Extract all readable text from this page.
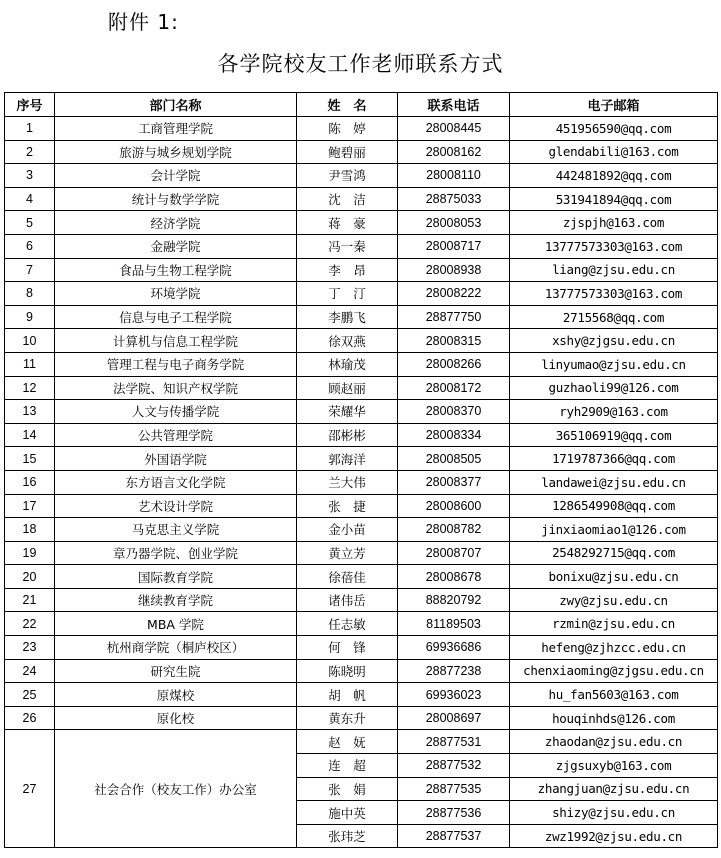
附件 1:
各学院校友工作老师联系方式
序号	部门名称	姓　名	联系电话	电子邮箱
1	工商管理学院	陈　婷	28008445	451956590@qq.com
2	旅游与城乡规划学院	鲍碧丽	28008162	glendabili@163.com
3	会计学院	尹雪鸿	28008110	442481892@qq.com
4	统计与数学学院	沈　洁	28875033	531941894@qq.com
5	经济学院	蒋　豪	28008053	zjspjh@163.com
6	金融学院	冯一秦	28008717	13777573303@163.com
7	食品与生物工程学院	李　昂	28008938	liang@zjsu.edu.cn
8	环境学院	丁　汀	28008222	13777573303@163.com
9	信息与电子工程学院	李鹏飞	28877750	2715568@qq.com
10	计算机与信息工程学院	徐双燕	28008315	xshy@zjgsu.edu.cn
11	管理工程与电子商务学院	林瑜茂	28008266	linyumao@zjsu.edu.cn
12	法学院、知识产权学院	顾赵丽	28008172	guzhaoli99@126.com
13	人文与传播学院	荣耀华	28008370	ryh2909@163.com
14	公共管理学院	邵彬彬	28008334	365106919@qq.com
15	外国语学院	郭海洋	28008505	1719787366@qq.com
16	东方语言文化学院	兰大伟	28008377	landawei@zjsu.edu.cn
17	艺术设计学院	张　捷	28008600	1286549908@qq.com
18	马克思主义学院	金小苗	28008782	jinxiaomiao1@126.com
19	章乃器学院、创业学院	黄立芳	28008707	2548292715@qq.com
20	国际教育学院	徐蓓佳	28008678	bonixu@zjsu.edu.cn
21	继续教育学院	诸伟岳	88820792	zwy@zjsu.edu.cn
22	MBA 学院	任志敏	81189503	rzmin@zjsu.edu.cn
23	杭州商学院（桐庐校区）	何　锋	69936686	hefeng@zjhzcc.edu.cn
24	研究生院	陈晓明	28877238	chenxiaoming@zjgsu.edu.cn
25	原煤校	胡　帆	69936023	hu_fan5603@163.com
26	原化校	黄东升	28008697	houqinhds@126.com
27	社会合作（校友工作）办公室	赵　妩	28877531	zhaodan@zjsu.edu.cn
		连　超	28877532	zjgsuxyb@163.com
		张　娟	28877535	zhangjuan@zjsu.edu.cn
		施中英	28877536	shizy@zjsu.edu.cn
		张玮芝	28877537	zwz1992@zjsu.edu.cn
